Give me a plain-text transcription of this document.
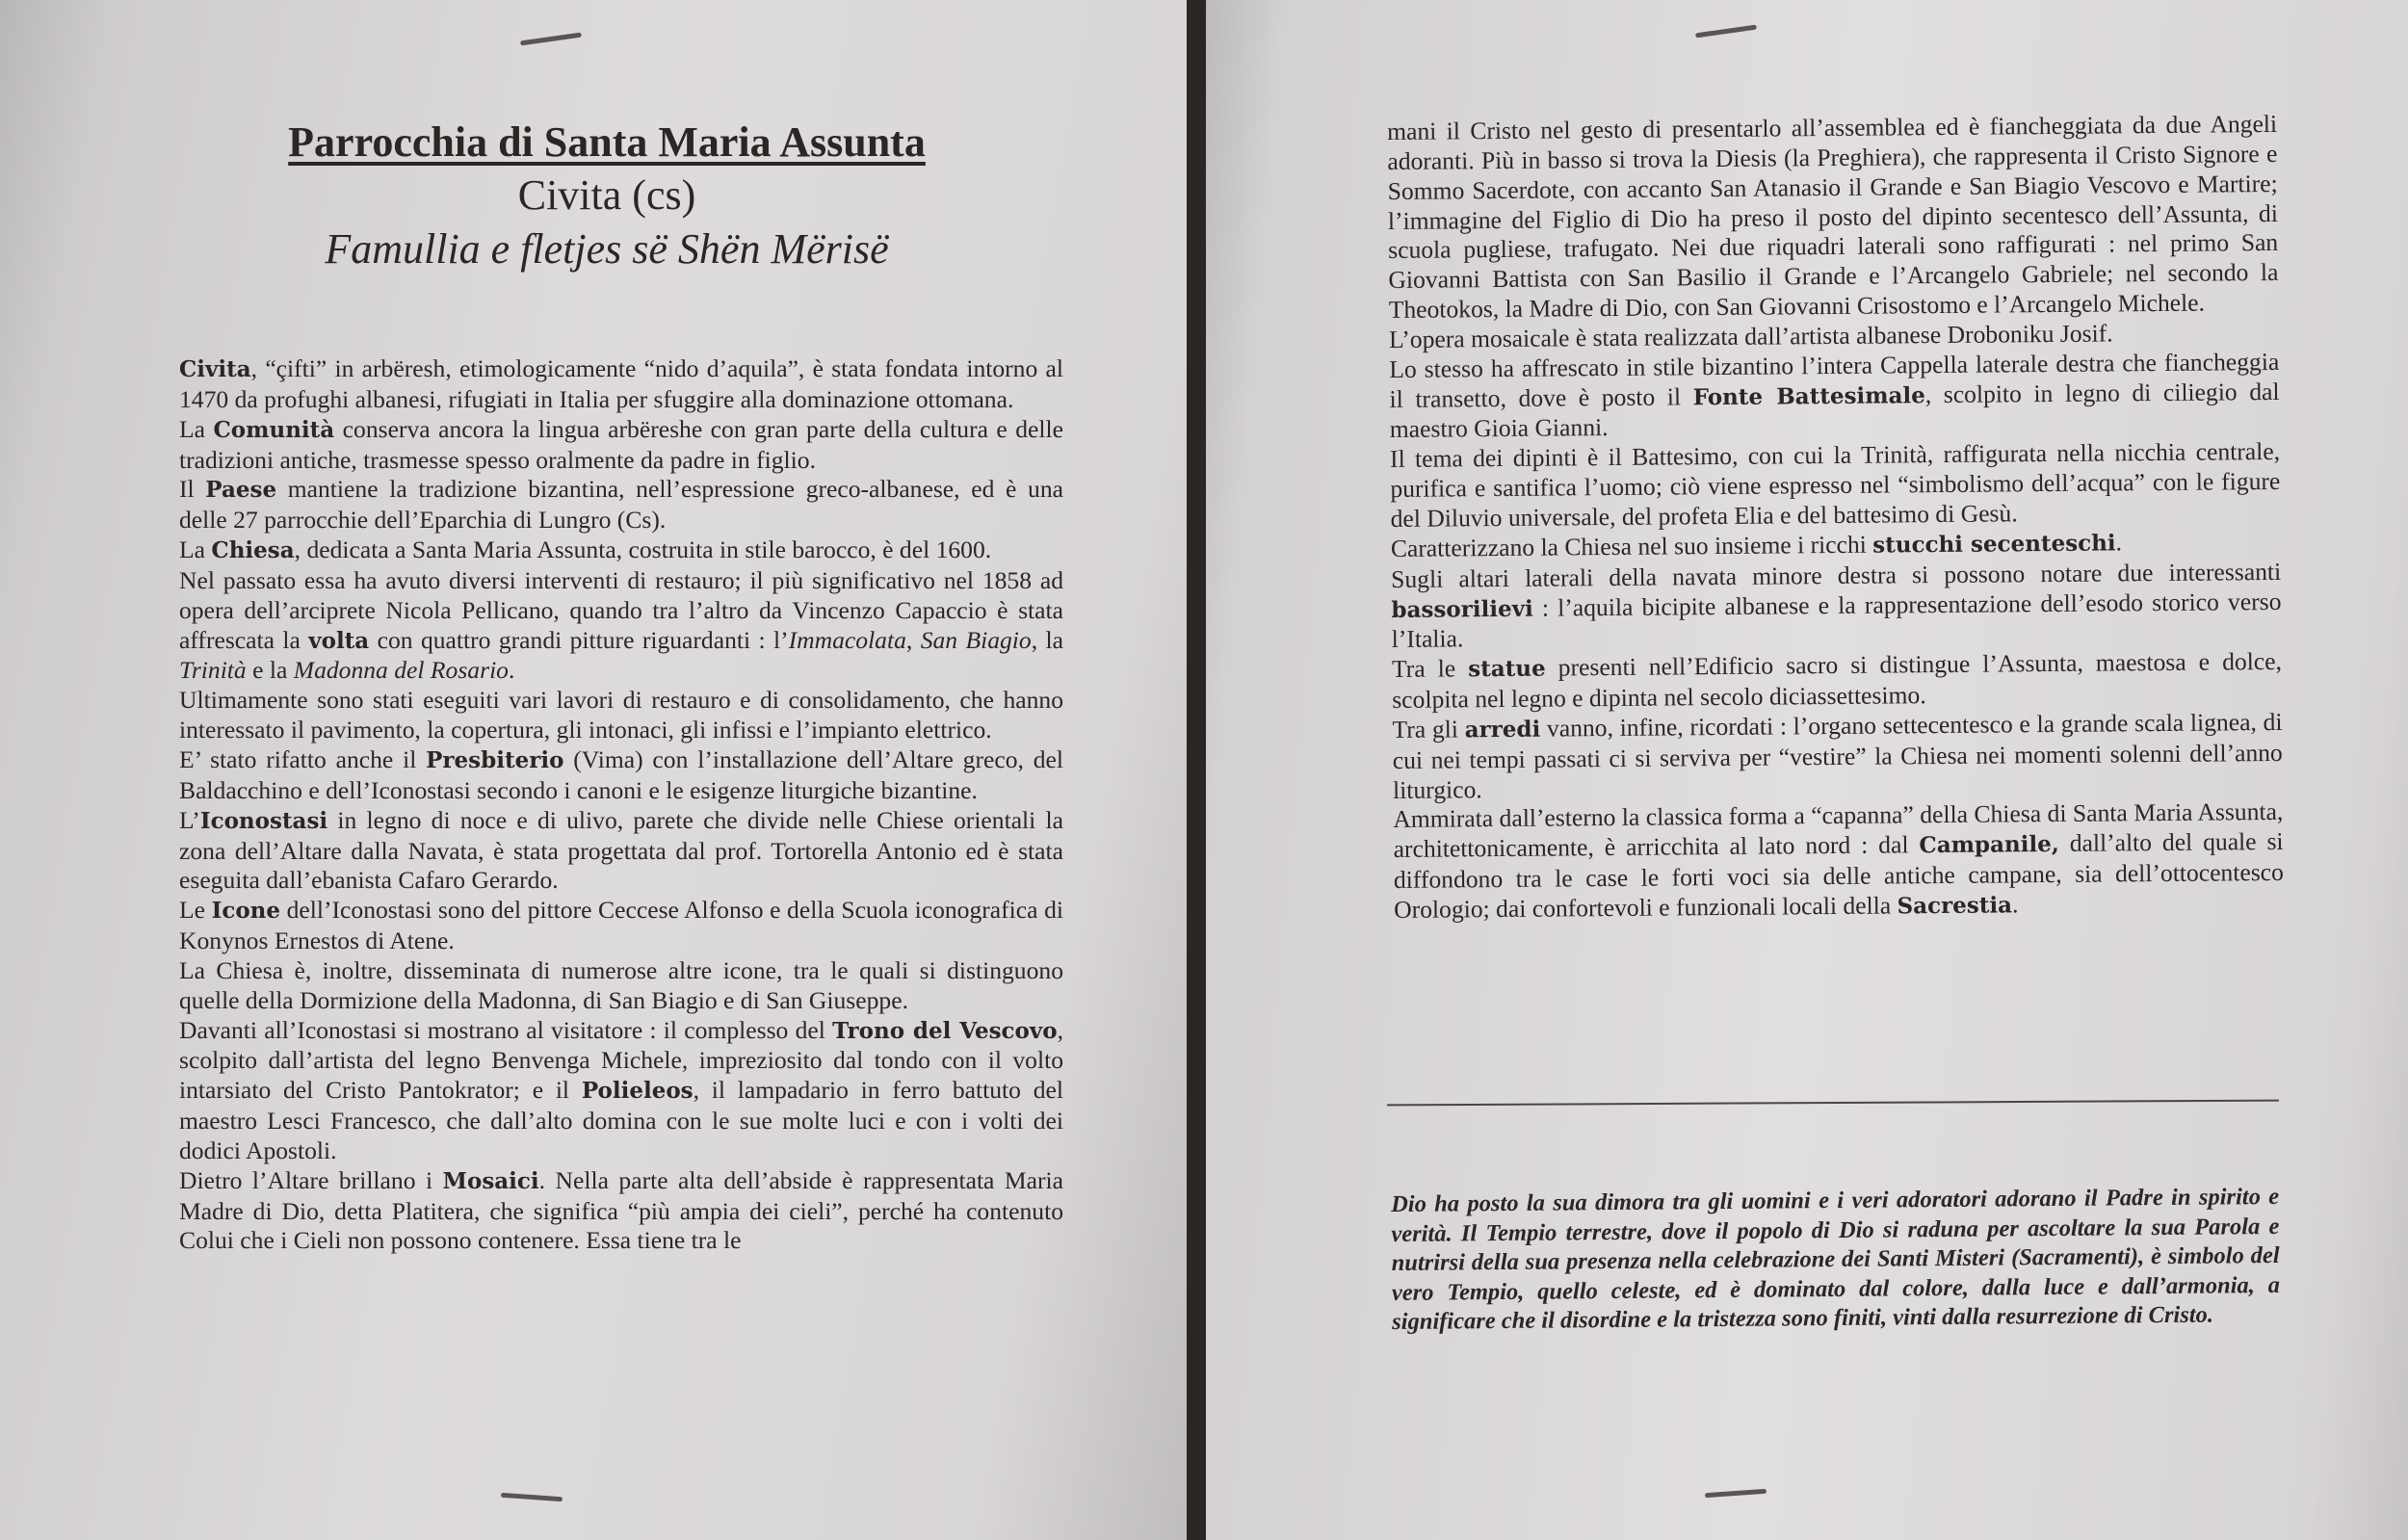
Parrocchia di Santa Maria Assunta

Civita (cs)

Famullia e fletjes së Shën Mërisë

Civita, “çifti” in arbëresh, etimologicamente “nido d’aquila”, è stata fondata intorno al 1470 da profughi albanesi, rifugiati in Italia per sfuggire alla dominazione ottomana.

La Comunità conserva ancora la lingua arbëreshe con gran parte della cultura e delle tradizioni antiche, trasmesse spesso oralmente da padre in figlio.

Il Paese mantiene la tradizione bizantina, nell’espressione greco-albanese, ed è una delle 27 parrocchie dell’Eparchia di Lungro (Cs).

La Chiesa, dedicata a Santa Maria Assunta, costruita in stile barocco, è del 1600.

Nel passato essa ha avuto diversi interventi di restauro; il più significativo nel 1858 ad opera dell’arciprete Nicola Pellicano, quando tra l’altro da Vincenzo Capaccio è stata affrescata la volta con quattro grandi pitture riguardanti : l’Immacolata, San Biagio, la Trinità e la Madonna del Rosario.

Ultimamente sono stati eseguiti vari lavori di restauro e di consolidamento, che hanno interessato il pavimento, la copertura, gli intonaci, gli infissi e l’impianto elettrico.

E’ stato rifatto anche il Presbiterio (Vima) con l’installazione dell’Altare greco, del Baldacchino e dell’Iconostasi secondo i canoni e le esigenze liturgiche bizantine.

L’Iconostasi in legno di noce e di ulivo, parete che divide nelle Chiese orientali la zona dell’Altare dalla Navata, è stata progettata dal prof. Tortorella Antonio ed è stata eseguita dall’ebanista Cafaro Gerardo.

Le Icone dell’Iconostasi sono del pittore Ceccese Alfonso e della Scuola iconografica di Konynos Ernestos di Atene.

La Chiesa è, inoltre, disseminata di numerose altre icone, tra le quali si distinguono quelle della Dormizione della Madonna, di San Biagio e di San Giuseppe.

Davanti all’Iconostasi si mostrano al visitatore : il complesso del Trono del Vescovo, scolpito dall’artista del legno Benvenga Michele, impreziosito dal tondo con il volto intarsiato del Cristo Pantokrator; e il Polieleos, il lampadario in ferro battuto del maestro Lesci Francesco, che dall’alto domina con le sue molte luci e con i volti dei dodici Apostoli.

Dietro l’Altare brillano i Mosaici. Nella parte alta dell’abside è rappresentata Maria Madre di Dio, detta Platitera, che significa “più ampia dei cieli”, perché ha contenuto Colui che i Cieli non possono contenere. Essa tiene tra le

mani il Cristo nel gesto di presentarlo all’assemblea ed è fiancheggiata da due Angeli adoranti. Più in basso si trova la Diesis (la Preghiera), che rappresenta il Cristo Signore e Sommo Sacerdote, con accanto San Atanasio il Grande e San Biagio Vescovo e Martire; l’immagine del Figlio di Dio ha preso il posto del dipinto secentesco dell’Assunta, di scuola pugliese, trafugato. Nei due riquadri laterali sono raffigurati : nel primo San Giovanni Battista con San Basilio il Grande e l’Arcangelo Gabriele; nel secondo la Theotokos, la Madre di Dio, con San Giovanni Crisostomo e l’Arcangelo Michele.

L’opera mosaicale è stata realizzata dall’artista albanese Droboniku Josif.

Lo stesso ha affrescato in stile bizantino l’intera Cappella laterale destra che fiancheggia il transetto, dove è posto il Fonte Battesimale, scolpito in legno di ciliegio dal maestro Gioia Gianni.

Il tema dei dipinti è il Battesimo, con cui la Trinità, raffigurata nella nicchia centrale, purifica e santifica l’uomo; ciò viene espresso nel “simbolismo dell’acqua” con le figure del Diluvio universale, del profeta Elia e del battesimo di Gesù.

Caratterizzano la Chiesa nel suo insieme i ricchi stucchi secenteschi.

Sugli altari laterali della navata minore destra si possono notare due interessanti bassorilievi : l’aquila bicipite albanese e la rappresentazione dell’esodo storico verso l’Italia.

Tra le statue presenti nell’Edificio sacro si distingue l’Assunta, maestosa e dolce, scolpita nel legno e dipinta nel secolo diciassettesimo.

Tra gli arredi vanno, infine, ricordati : l’organo settecentesco e la grande scala lignea, di cui nei tempi passati ci si serviva per “vestire” la Chiesa nei momenti solenni dell’anno liturgico.

Ammirata dall’esterno la classica forma a “capanna” della Chiesa di Santa Maria Assunta, architettonicamente, è arricchita al lato nord : dal Campanile, dall’alto del quale si diffondono tra le case le forti voci sia delle antiche campane, sia dell’ottocentesco Orologio; dai confortevoli e funzionali locali della Sacrestia.

Dio ha posto la sua dimora tra gli uomini e i veri adoratori adorano il Padre in spirito e verità. Il Tempio terrestre, dove il popolo di Dio si raduna per ascoltare la sua Parola e nutrirsi della sua presenza nella celebrazione dei Santi Misteri (Sacramenti), è simbolo del vero Tempio, quello celeste, ed è dominato dal colore, dalla luce e dall’armonia, a significare che il disordine e la tristezza sono finiti, vinti dalla resurrezione di Cristo.
